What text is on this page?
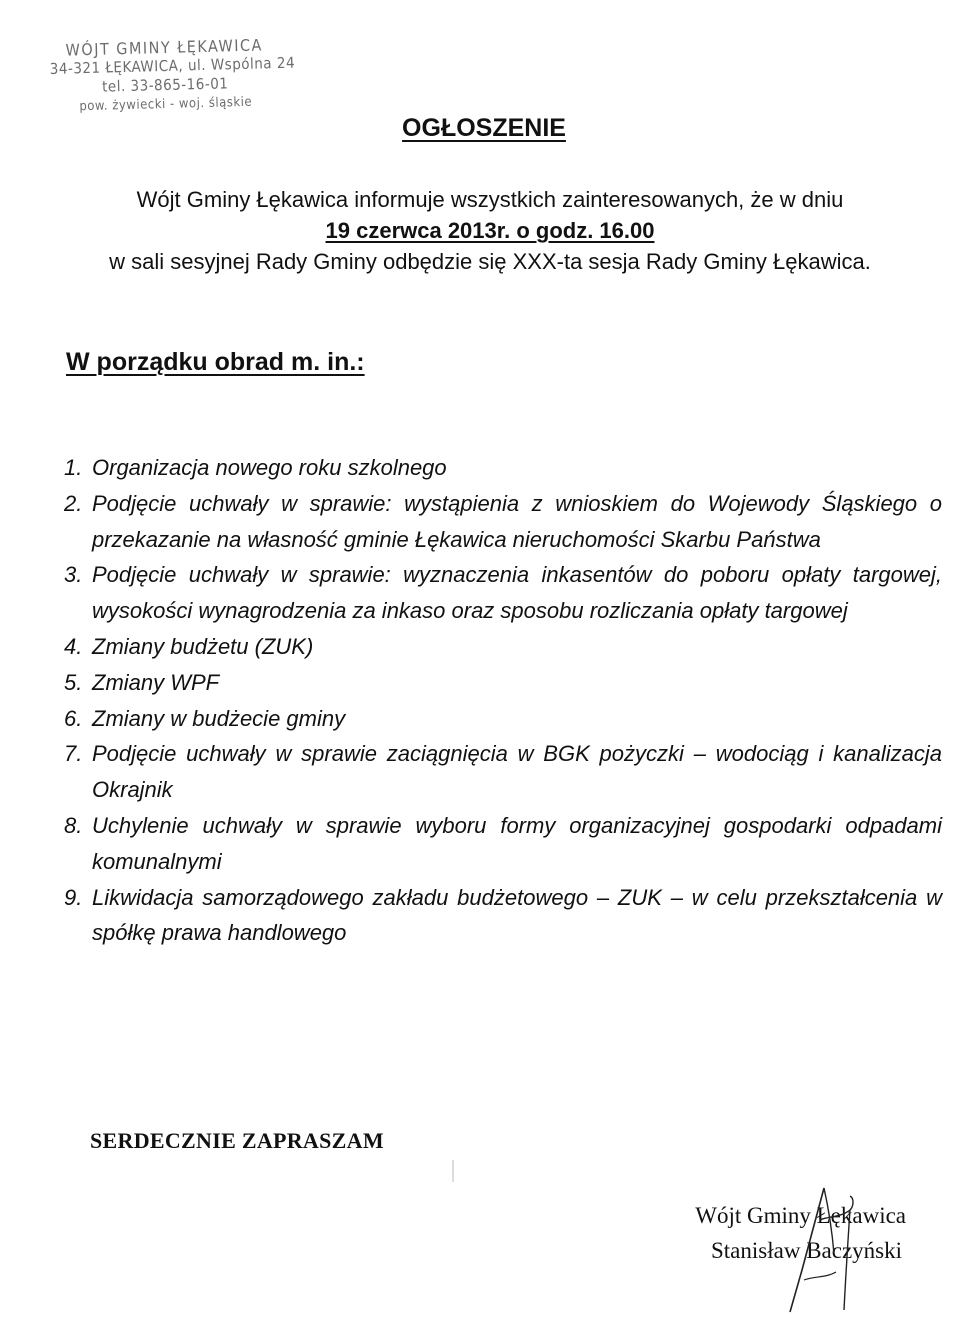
WÓJT GMINY ŁĘKAWICA
34-321 ŁĘKAWICA, ul. Wspólna 24
tel. 33-865-16-01
pow. żywiecki - woj. śląskie
OGŁOSZENIE
Wójt Gminy Łękawica informuje wszystkich zainteresowanych, że w dniu
19 czerwca 2013r. o godz. 16.00
w sali sesyjnej Rady Gminy odbędzie się XXX-ta sesja Rady Gminy Łękawica.
W porządku obrad m. in.:
1. Organizacja nowego roku szkolnego
2. Podjęcie uchwały w sprawie: wystąpienia z wnioskiem do Wojewody Śląskiego o przekazanie na własność gminie Łękawica nieruchomości Skarbu Państwa
3. Podjęcie uchwały w sprawie: wyznaczenia inkasentów do poboru opłaty targowej, wysokości wynagrodzenia za inkaso oraz sposobu rozliczania opłaty targowej
4. Zmiany budżetu (ZUK)
5. Zmiany WPF
6. Zmiany w budżecie gminy
7. Podjęcie uchwały w sprawie zaciągnięcia w BGK pożyczki – wodociąg i kanalizacja Okrajnik
8. Uchylenie uchwały w sprawie wyboru formy organizacyjnej gospodarki odpadami komunalnymi
9. Likwidacja samorządowego zakładu budżetowego – ZUK – w celu przekształcenia w spółkę prawa handlowego
SERDECZNIE ZAPRASZAM
Wójt Gminy Łękawica
Stanisław Baczyński
